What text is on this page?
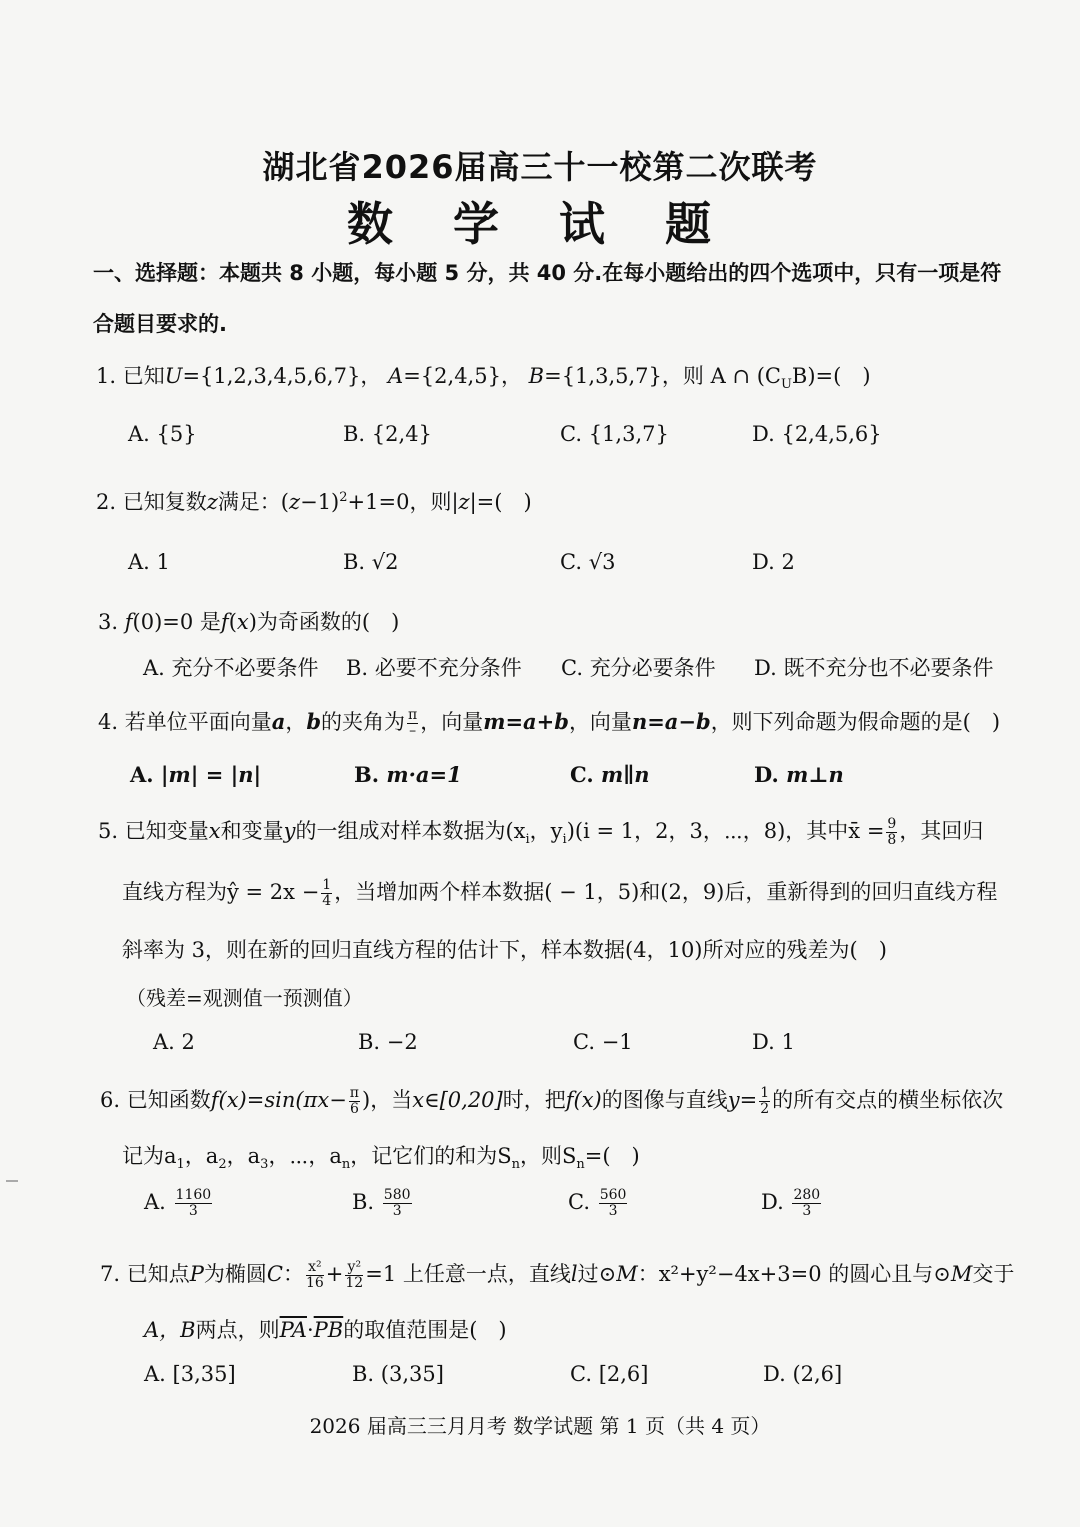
湖北省2026届高三十一校第二次联考
数 学 试 题
一、选择题：本题共 8 小题，每小题 5 分，共 40 分.在每小题给出的四个选项中，只有一项是符
合题目要求的.
1. 已知U={1,2,3,4,5,6,7}， A={2,4,5}， B={1,3,5,7}，则 A ∩ $(C_UB)=$(　)
A. {5}	B. {2,4}	C. {1,3,7}	D. {2,4,5,6}
2. 已知复数z满足：$(z-1)^2+1=0$，则|z|=(　)
A. 1	B. √2	C. √3	D. 2
3. f(0)=0 是f(x)为奇函数的(　)
A. 充分不必要条件 B. 必要不充分条件 C. 充分必要条件 D. 既不充分也不必要条件
4. 若单位平面向量a，b的夹角为 $\frac{\pi}{-}$ ，向量m=a+b，向量n=a−b，则下列命题为假命题的是(　)
A. |m| = |n|	B. m·a=1	C. m∥n	D. m⊥n
5. 已知变量x和变量y的一组成对样本数据为($x_i$，$y_i)(i = 1$，2，3，⋯，8)，其中x̄ = $\frac{9}{8}$ ，其回归
直线方程为ŷ = $2x - \frac{1}{4}$ ，当增加两个样本数据( − 1，5)和(2，9)后，重新得到的回归直线方程
斜率为 3，则在新的回归直线方程的估计下，样本数据(4，10)所对应的残差为(　)
（残差=观测值一预测值）
A. 2	B. −2	C. −1	D. 1
6. 已知函数$f(x)=\sin(\pi x- \frac{\pi}{6}$ )，当x∈[0,20]时，把f(x)的图像与直线$y= \frac{1}{2}$ 的所有交点的横坐标依次
记为$a_1$，$a_2$，$a_3$，⋯，$a_n$，记它们的和为$S_n$，则$S_n=$(　)
A. $\frac{1160}{3}$	B. $\frac{580}{3}$	C. $\frac{560}{3}$	D. $\frac{280}{3}$
7. 已知点P为椭圆C： $\frac{\text{x²}}{16} + \frac{\text{y²}}{12} =1$ 上任意一点，直线l过⊙M：x²+y²−4x+3=0 的圆心且与⊙M交于
A，B两点，则$\overline{PA}\cdot\overline{PB}$的取值范围是(　)
A. [3,35]	B. (3,35]	C. [2,6]	D. (2,6]
2026 届高三三月月考 数学试题 第 1 页（共 4 页）
